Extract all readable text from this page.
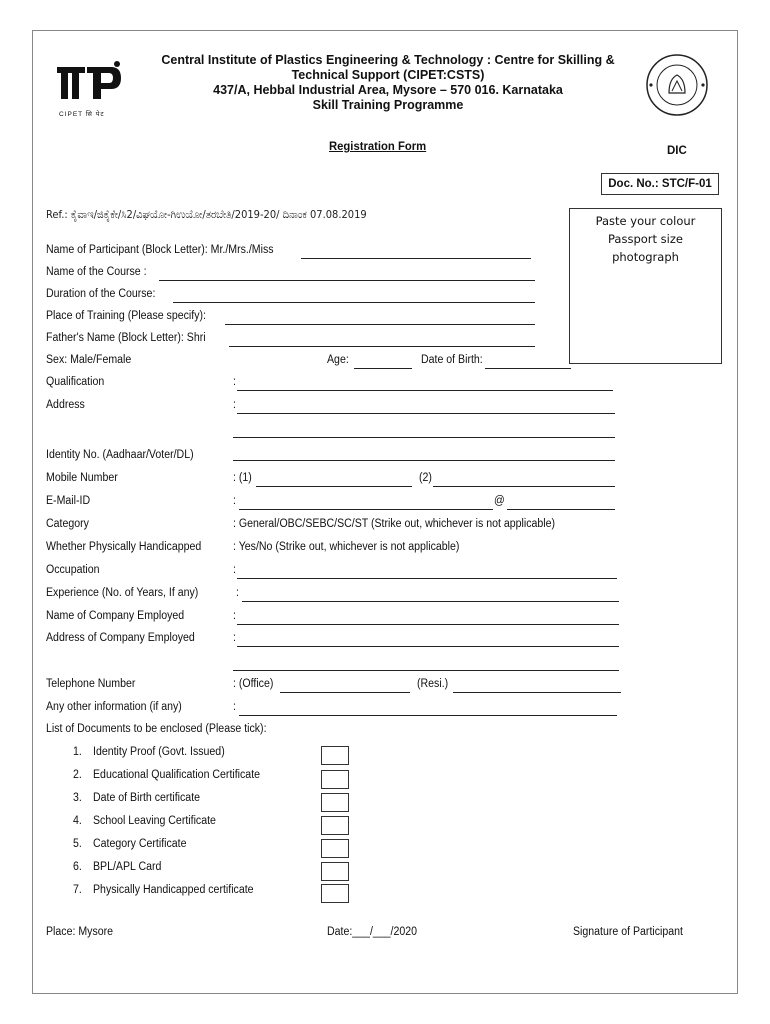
CIPET सि पेट
Central Institute of Plastics Engineering & Technology : Centre for Skilling &
Technical Support (CIPET:CSTS)
437/A, Hebbal Industrial Area, Mysore – 570 016. Karnataka
Skill Training Programme
Registration Form	DIC
Doc. No.: STC/F-01
Ref.: ಕೈವಾಇ/ಜಿಕೈಕೇ/ಸಿ2/ವಿಘಯೋ-ಗಿಉಯೋ/ತರಬೇತಿ/2019-20/ ದಿನಾಂಕ 07.08.2019	Paste your colour
Passport size
photograph
Name of Participant (Block Letter): Mr./Mrs./Miss
Name of the Course :
Duration of the Course:
Place of Training (Please specify):
Father's Name (Block Letter): Shri
Sex: Male/Female	Age:	Date of Birth:
Qualification	:
Address	:
Identity No. (Aadhaar/Voter/DL)
Mobile Number	: (1)	(2)
E-Mail-ID	:	@
Category	: General/OBC/SEBC/SC/ST (Strike out, whichever is not applicable)
Whether Physically Handicapped	: Yes/No (Strike out, whichever is not applicable)
Occupation	:
Experience (No. of Years, If any)	:
Name of Company Employed	:
Address of Company Employed	:
Telephone Number	: (Office)	(Resi.)
Any other information (if any)	:
List of Documents to be enclosed (Please tick):
1. Identity Proof (Govt. Issued)
2. Educational Qualification Certificate
3. Date of Birth certificate
4. School Leaving Certificate
5. Category Certificate
6. BPL/APL Card
7. Physically Handicapped certificate
Place: Mysore	Date:___/___/2020	Signature of Participant
